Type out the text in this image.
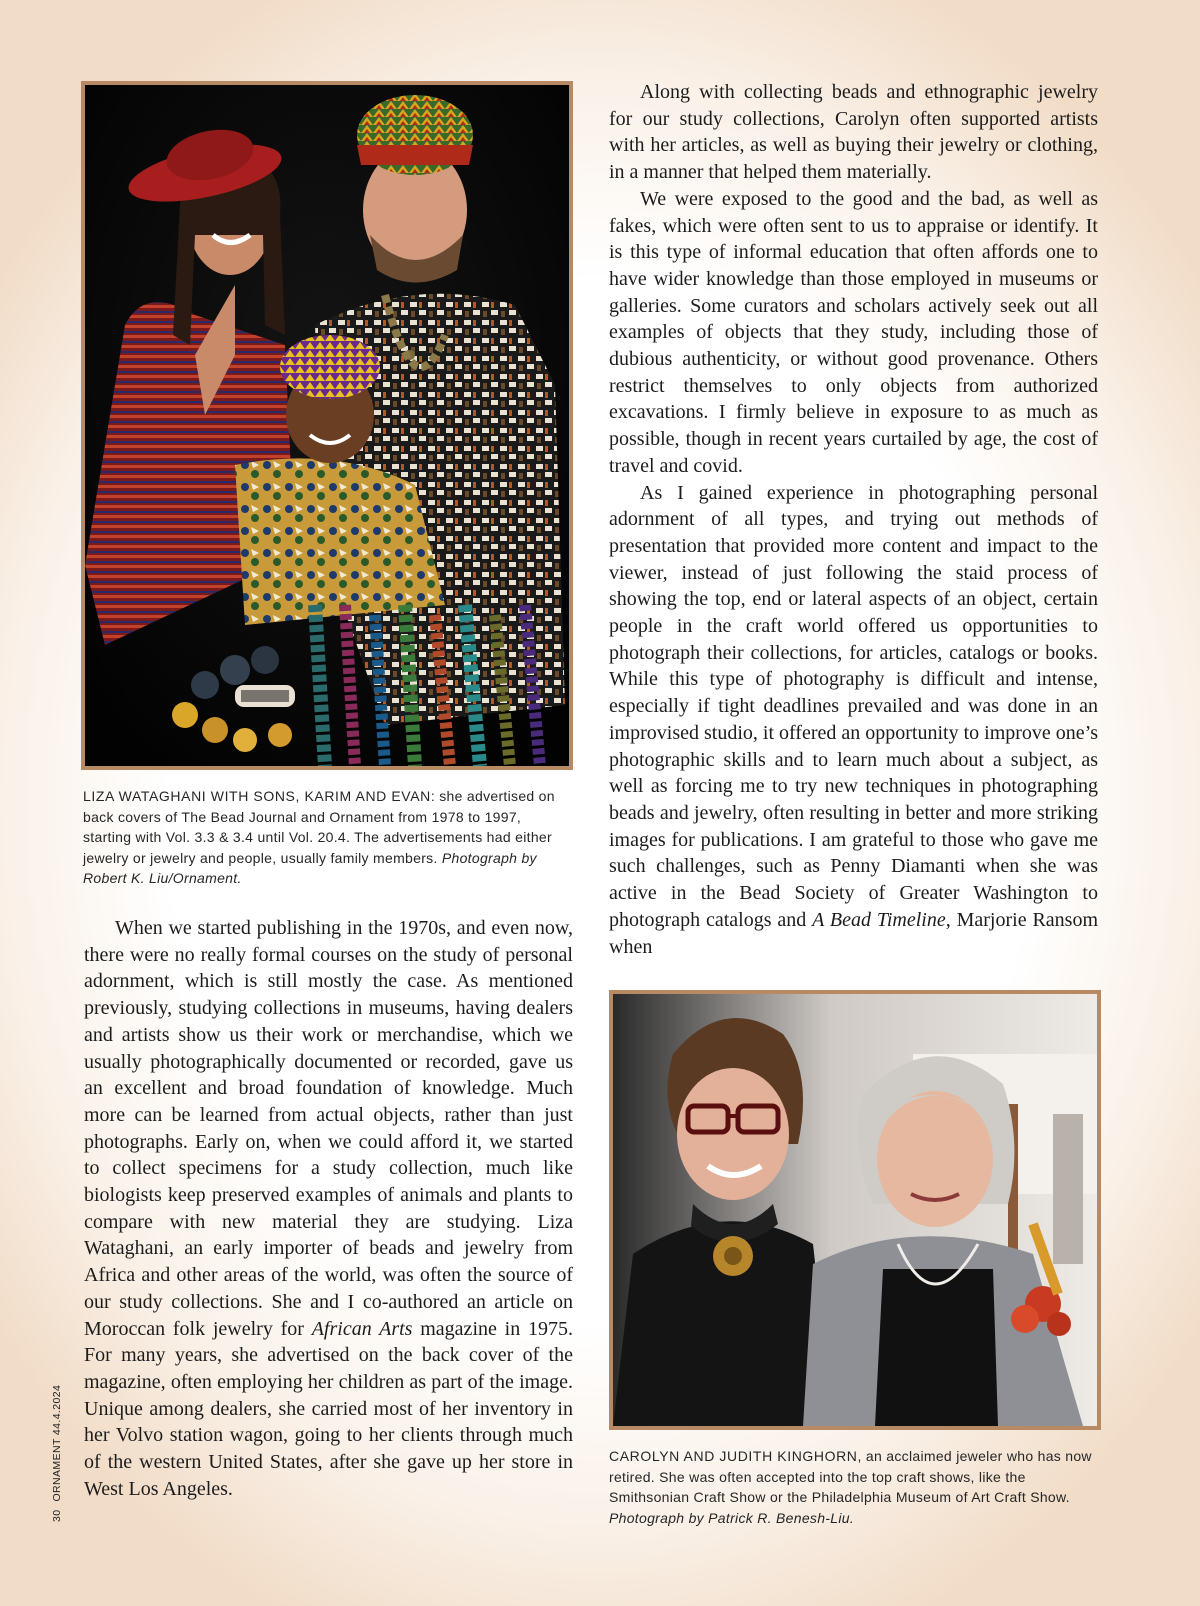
LIZA WATAGHANI WITH SONS, KARIM AND EVAN: she advertised on back covers of The Bead Journal and Ornament from 1978 to 1997, starting with Vol. 3.3 & 3.4 until Vol. 20.4. The advertisements had either jewelry or jewelry and people, usually family members. Photograph by Robert K. Liu/Ornament.

Along with collecting beads and ethnographic jewelry for our study collections, Carolyn often supported artists with her articles, as well as buying their jewelry or clothing, in a manner that helped them materially.

We were exposed to the good and the bad, as well as fakes, which were often sent to us to appraise or identify. It is this type of informal education that often affords one to have wider knowledge than those employed in museums or galleries. Some curators and scholars actively seek out all examples of objects that they study, including those of dubious authenticity, or without good provenance. Others restrict themselves to only objects from authorized excavations. I firmly believe in exposure to as much as possible, though in recent years curtailed by age, the cost of travel and covid.

As I gained experience in photographing personal adornment of all types, and trying out methods of presentation that provided more content and impact to the viewer, instead of just following the staid process of showing the top, end or lateral aspects of an object, certain people in the craft world offered us opportunities to photograph their collections, for articles, catalogs or books. While this type of photography is difficult and intense, especially if tight deadlines prevailed and was done in an improvised studio, it offered an opportunity to improve one’s photographic skills and to learn much about a subject, as well as forcing me to try new techniques in photographing beads and jewelry, often resulting in better and more striking images for publications. I am grateful to those who gave me such challenges, such as Penny Diamanti when she was active in the Bead Society of Greater Washington to photograph catalogs and A Bead Timeline, Marjorie Ransom when

When we started publishing in the 1970s, and even now, there were no really formal courses on the study of personal adornment, which is still mostly the case. As mentioned previously, studying collections in museums, having dealers and artists show us their work or merchandise, which we usually photographically documented or recorded, gave us an excellent and broad foundation of knowledge. Much more can be learned from actual objects, rather than just photographs. Early on, when we could afford it, we started to collect specimens for a study collection, much like biologists keep preserved examples of animals and plants to compare with new material they are studying. Liza Wataghani, an early importer of beads and jewelry from Africa and other areas of the world, was often the source of our study collections. She and I co-authored an article on Moroccan folk jewelry for African Arts magazine in 1975. For many years, she advertised on the back cover of the magazine, often employing her children as part of the image. Unique among dealers, she carried most of her inventory in her Volvo station wagon, going to her clients through much of the western United States, after she gave up her store in West Los Angeles.

CAROLYN AND JUDITH KINGHORN, an acclaimed jeweler who has now retired. She was often accepted into the top craft shows, like the Smithsonian Craft Show or the Philadelphia Museum of Art Craft Show. Photograph by Patrick R. Benesh-Liu.

30ORNAMENT 44.4.2024
